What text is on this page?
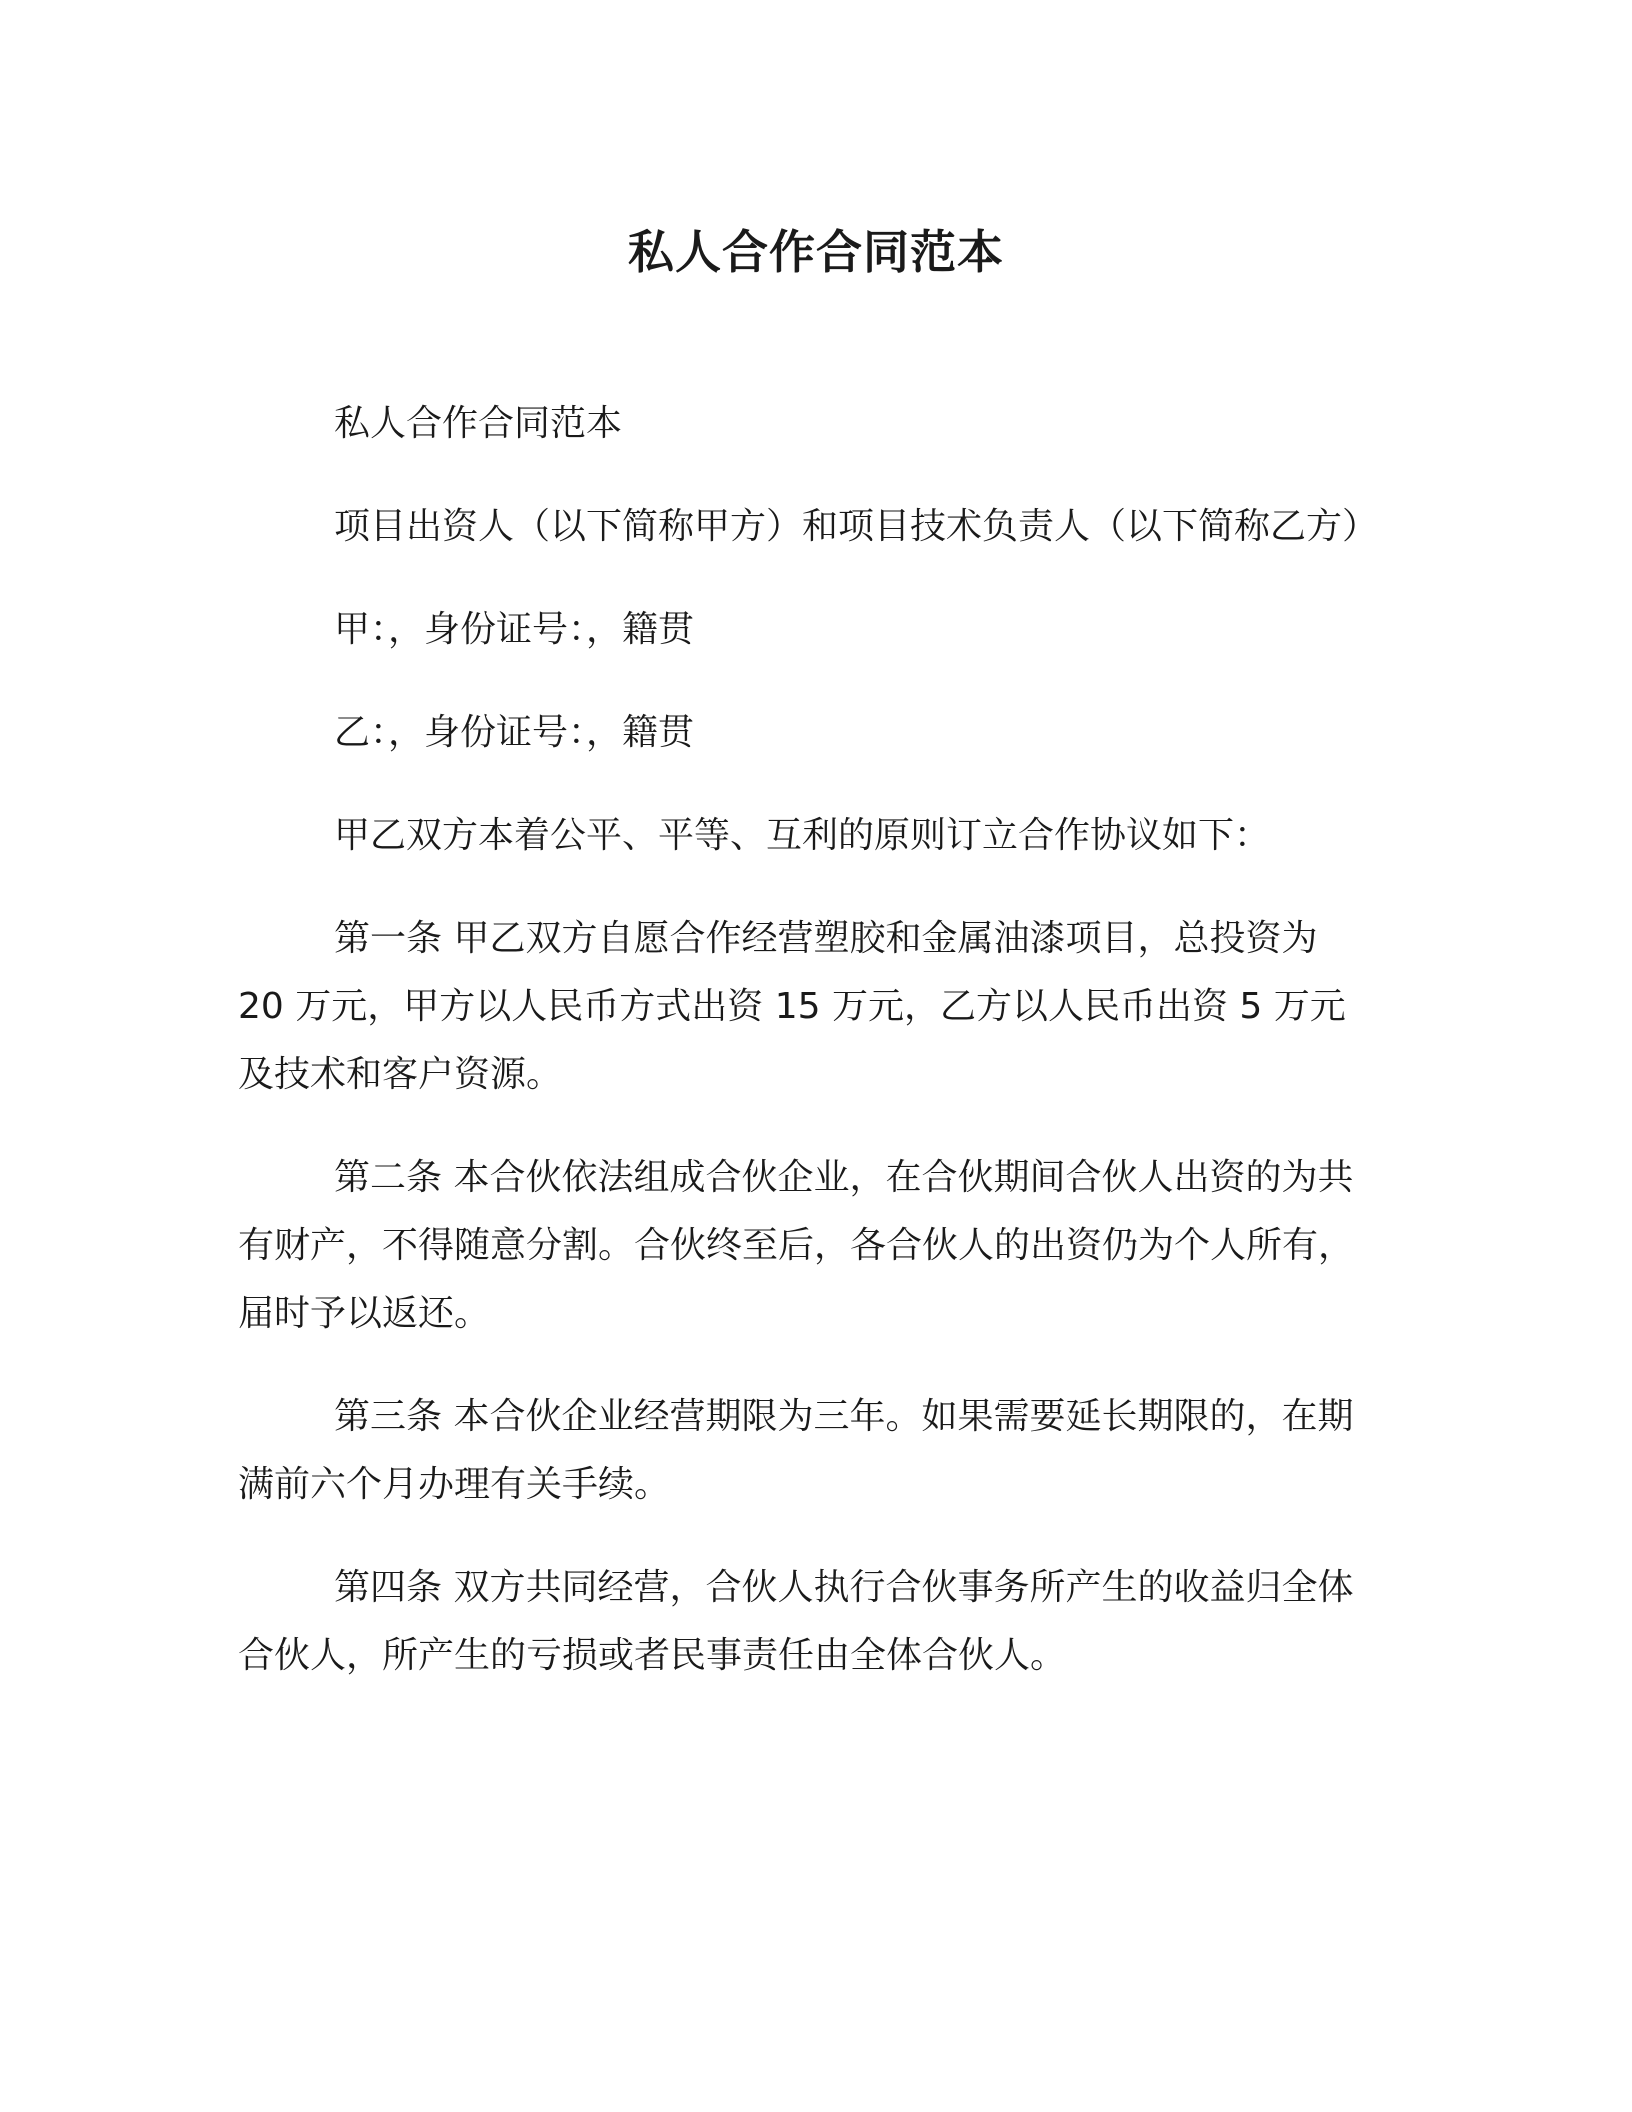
私人合作合同范本
私人合作合同范本
项目出资人（以下简称甲方）和项目技术负责人（以下简称乙方）
甲：，身份证号：，籍贯
乙：，身份证号：，籍贯
甲乙双方本着公平、平等、互利的原则订立合作协议如下：
第一条 甲乙双方自愿合作经营塑胶和金属油漆项目，总投资为
20 万元，甲方以人民币方式出资 15 万元，乙方以人民币出资 5 万元
及技术和客户资源。
第二条 本合伙依法组成合伙企业，在合伙期间合伙人出资的为共
有财产，不得随意分割。合伙终至后，各合伙人的出资仍为个人所有，
届时予以返还。
第三条 本合伙企业经营期限为三年。如果需要延长期限的，在期
满前六个月办理有关手续。
第四条 双方共同经营，合伙人执行合伙事务所产生的收益归全体
合伙人，所产生的亏损或者民事责任由全体合伙人。
